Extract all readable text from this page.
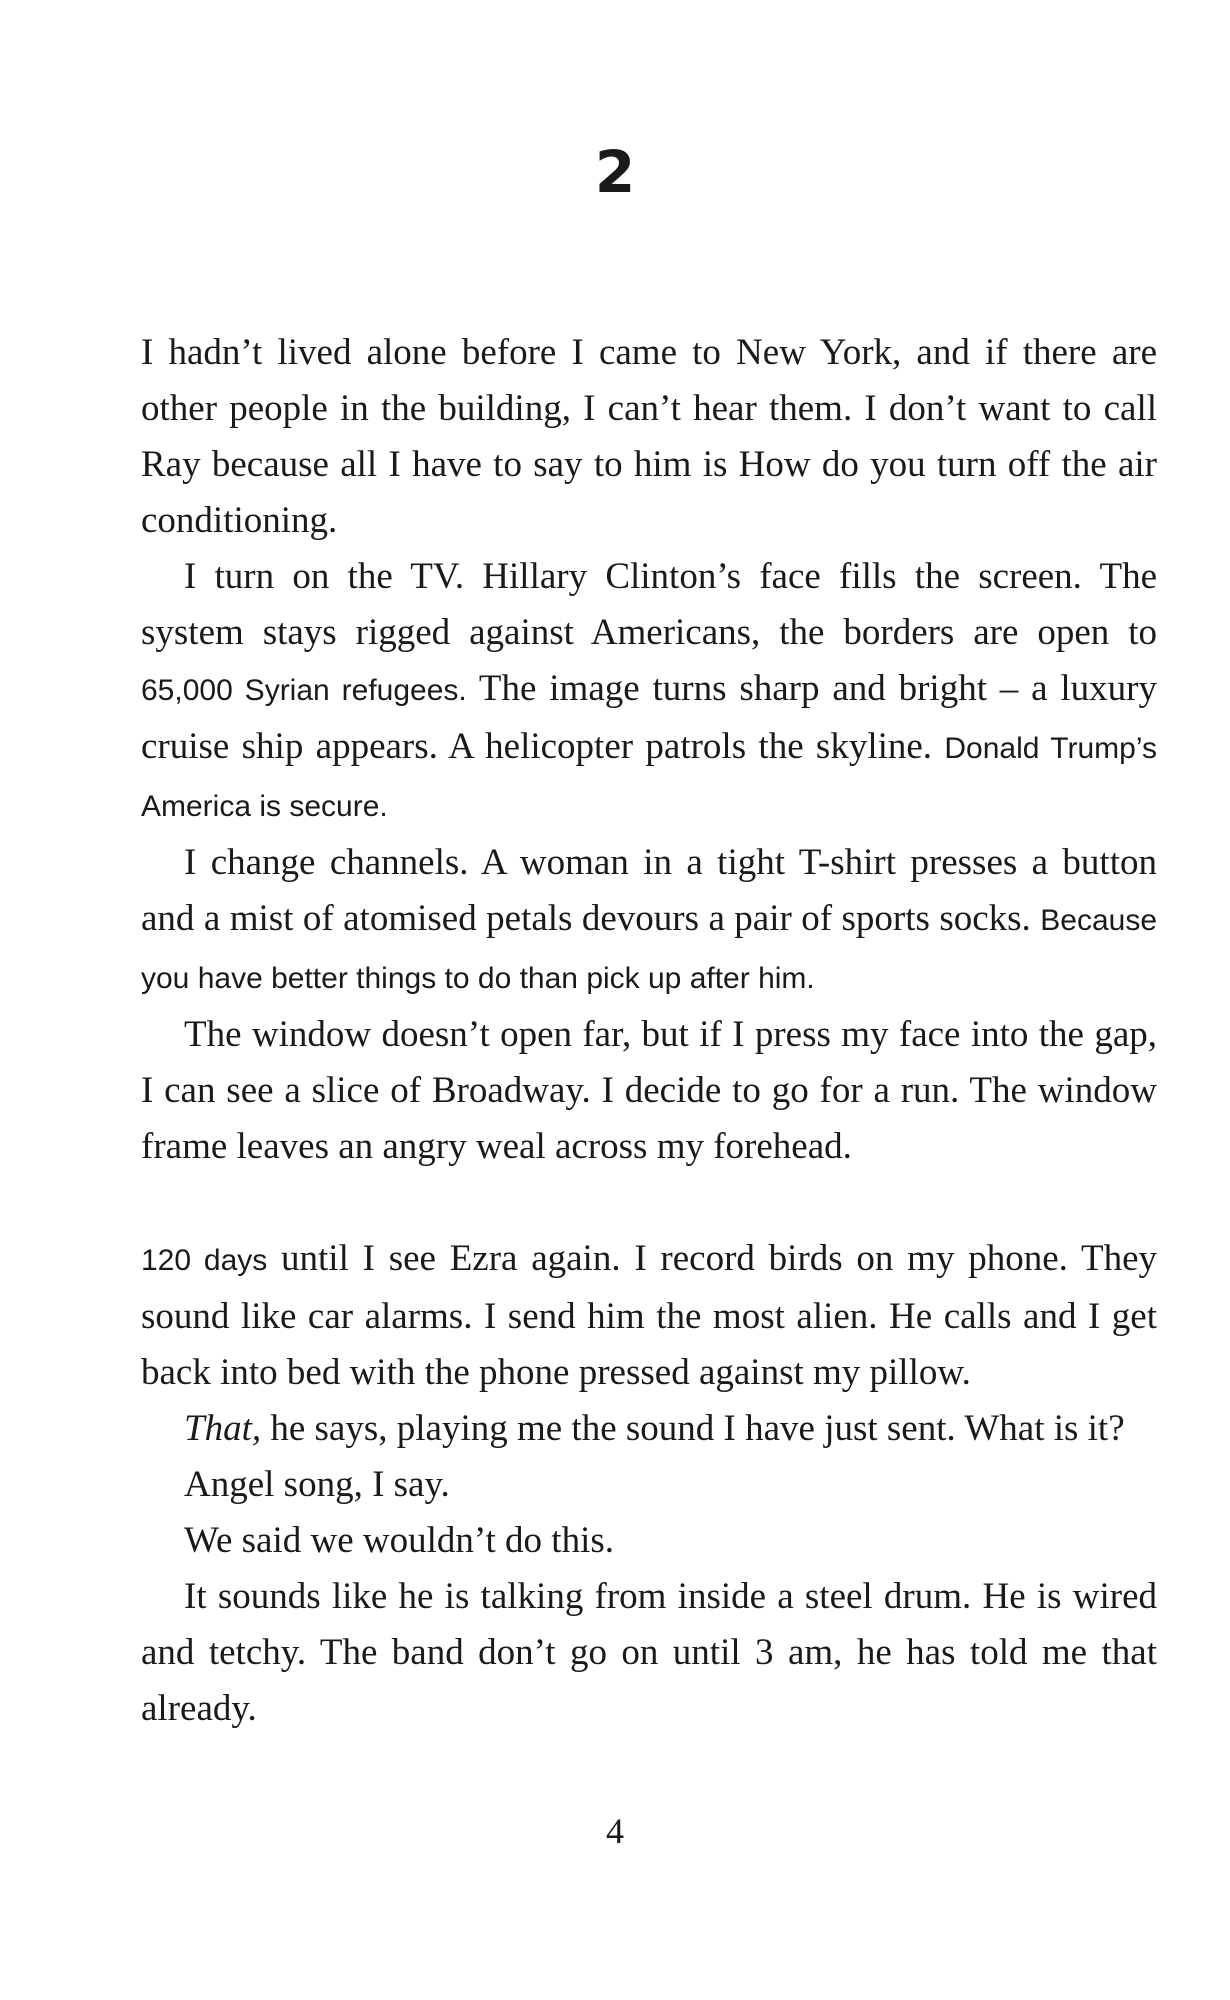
2

I hadn’t lived alone before I came to New York, and if there are other people in the building, I can’t hear them. I don’t want to call Ray because all I have to say to him is How do you turn off the air conditioning.

I turn on the TV. Hillary Clinton’s face fills the screen. The system stays rigged against Americans, the borders are open to 65,000 Syrian refugees. The image turns sharp and bright – a luxury cruise ship appears. A helicopter patrols the skyline. Donald Trump’s America is secure.

I change channels. A woman in a tight T-shirt presses a button and a mist of atomised petals devours a pair of sports socks. Because you have better things to do than pick up after him.

The window doesn’t open far, but if I press my face into the gap, I can see a slice of Broadway. I decide to go for a run. The window frame leaves an angry weal across my forehead.

120 days until I see Ezra again. I record birds on my phone. They sound like car alarms. I send him the most alien. He calls and I get back into bed with the phone pressed against my pillow.

That, he says, playing me the sound I have just sent. What is it?

Angel song, I say.

We said we wouldn’t do this.

It sounds like he is talking from inside a steel drum. He is wired and tetchy. The band don’t go on until 3 am, he has told me that already.

4
